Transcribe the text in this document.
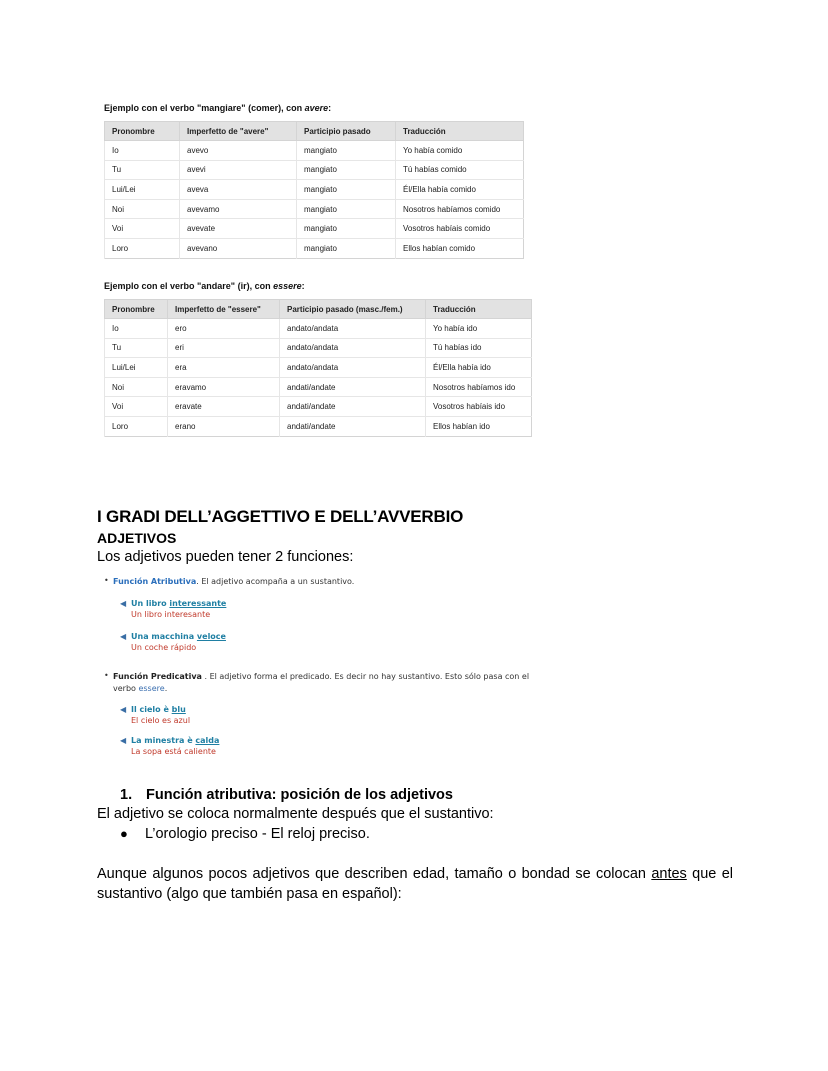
Ejemplo con el verbo "mangiare" (comer), con avere:
Pronombre	Imperfetto de "avere"	Participio pasado	Traducción
Io	avevo	mangiato	Yo había comido
Tu	avevi	mangiato	Tú habías comido
Lui/Lei	aveva	mangiato	Él/Ella había comido
Noi	avevamo	mangiato	Nosotros habíamos comido
Voi	avevate	mangiato	Vosotros habíais comido
Loro	avevano	mangiato	Ellos habían comido
Ejemplo con el verbo "andare" (ir), con essere:
Pronombre	Imperfetto de "essere"	Participio pasado (masc./fem.)	Traducción
Io	ero	andato/andata	Yo había ido
Tu	eri	andato/andata	Tú habías ido
Lui/Lei	era	andato/andata	Él/Ella había ido
Noi	eravamo	andati/andate	Nosotros habíamos ido
Voi	eravate	andati/andate	Vosotros habíais ido
Loro	erano	andati/andate	Ellos habían ido
I GRADI DELL’AGGETTIVO E DELL’AVVERBIO
ADJETIVOS
Los adjetivos pueden tener 2 funciones:
• Función Atributiva. El adjetivo acompaña a un sustantivo.
◀ Un libro interessante
Un libro interesante
◀ Una macchina veloce
Un coche rápido
• Función Predicativa . El adjetivo forma el predicado. Es decir no hay sustantivo. Esto sólo pasa con el
verbo essere.
◀ Il cielo è blu
El cielo es azul
◀ La minestra è calda
La sopa está caliente
1. Función atributiva: posición de los adjetivos
El adjetivo se coloca normalmente después que el sustantivo:
● L’orologio preciso - El reloj preciso.
Aunque algunos pocos adjetivos que describen edad, tamaño o bondad se colocan antes que el sustantivo (algo que también pasa en español):
